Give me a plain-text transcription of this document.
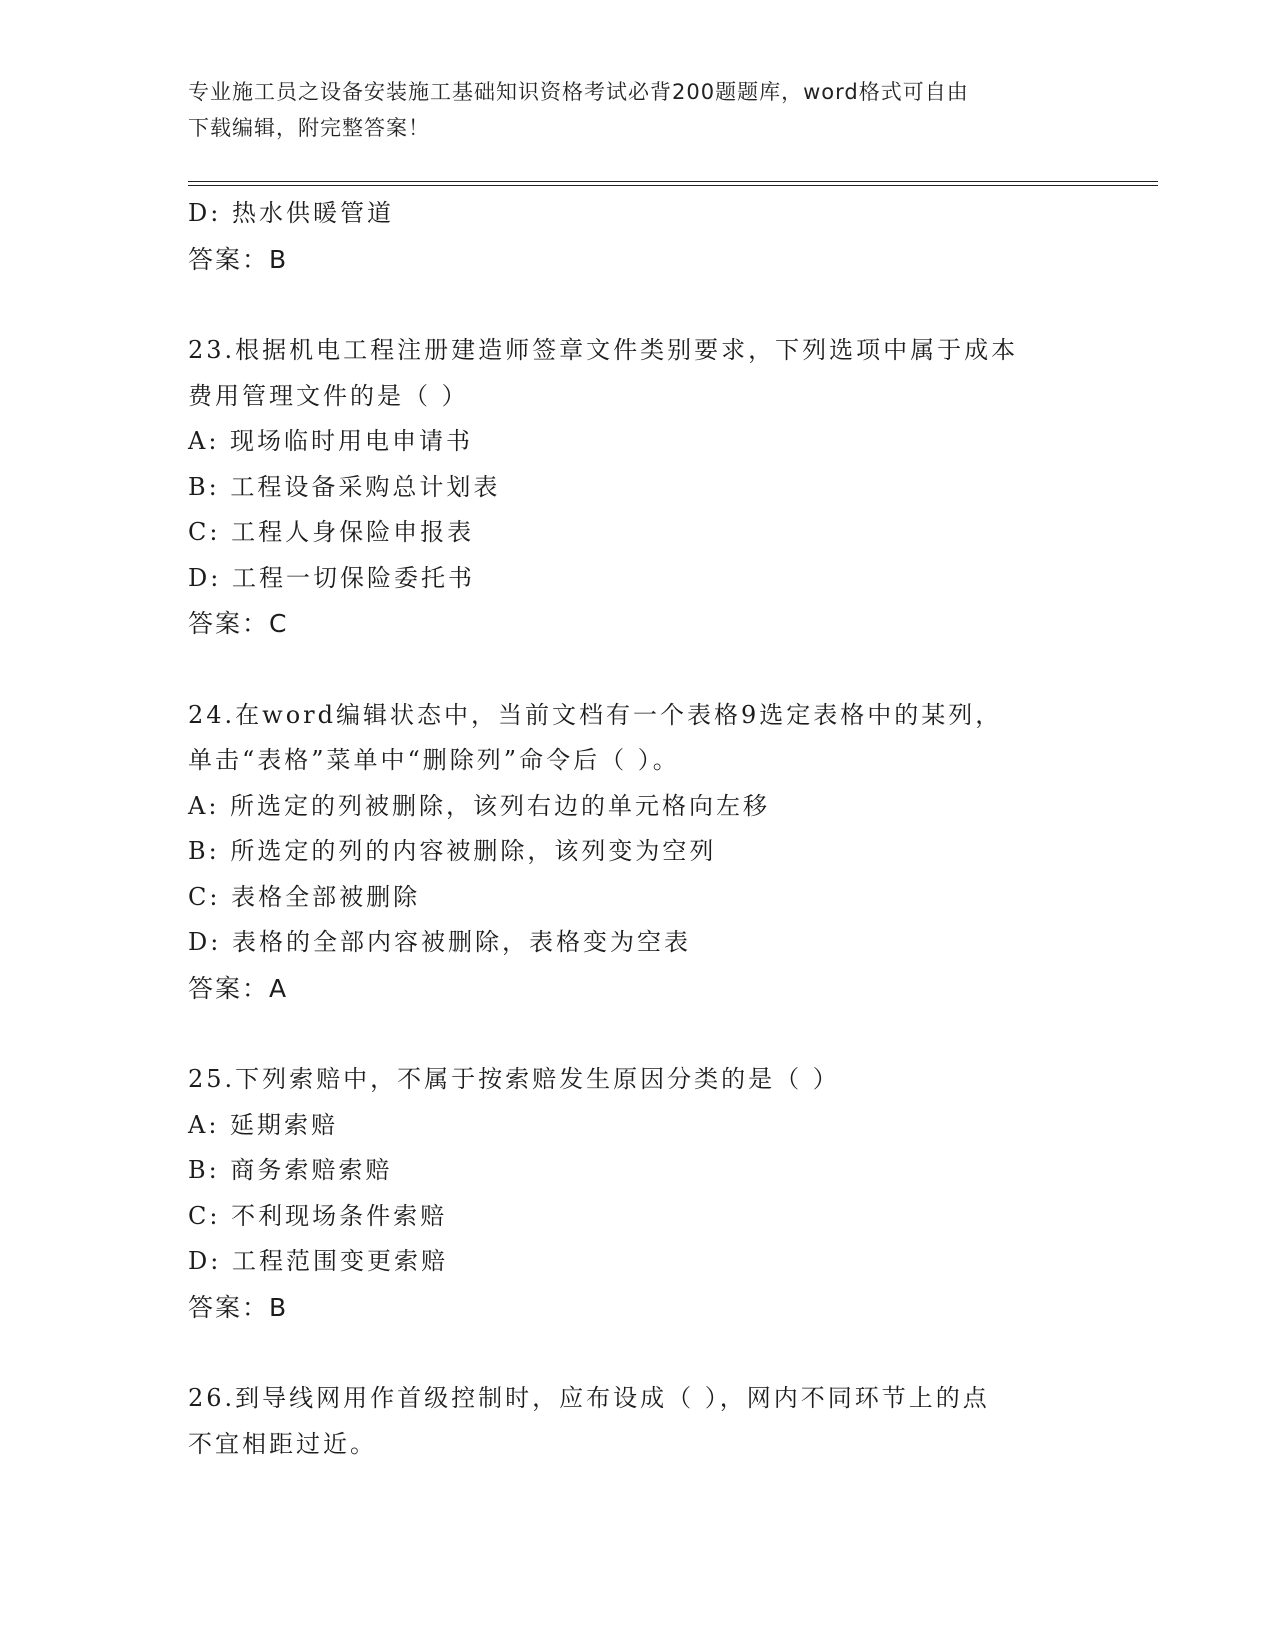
专业施工员之设备安装施工基础知识资格考试必背200题题库，word格式可自由
下载编辑，附完整答案！
D: 热水供暖管道
答案：B
23.根据机电工程注册建造师签章文件类别要求，下列选项中属于成本
费用管理文件的是（ ）
A: 现场临时用电申请书
B: 工程设备采购总计划表
C: 工程人身保险申报表
D: 工程一切保险委托书
答案：C
24.在word编辑状态中，当前文档有一个表格9选定表格中的某列，
单击“表格”菜单中“删除列”命令后（ ）。
A: 所选定的列被删除，该列右边的单元格向左移
B: 所选定的列的内容被删除，该列变为空列
C: 表格全部被删除
D: 表格的全部内容被删除，表格变为空表
答案：A
25.下列索赔中，不属于按索赔发生原因分类的是（ ）
A: 延期索赔
B: 商务索赔索赔
C: 不利现场条件索赔
D: 工程范围变更索赔
答案：B
26.到导线网用作首级控制时，应布设成（ ），网内不同环节上的点
不宜相距过近。
